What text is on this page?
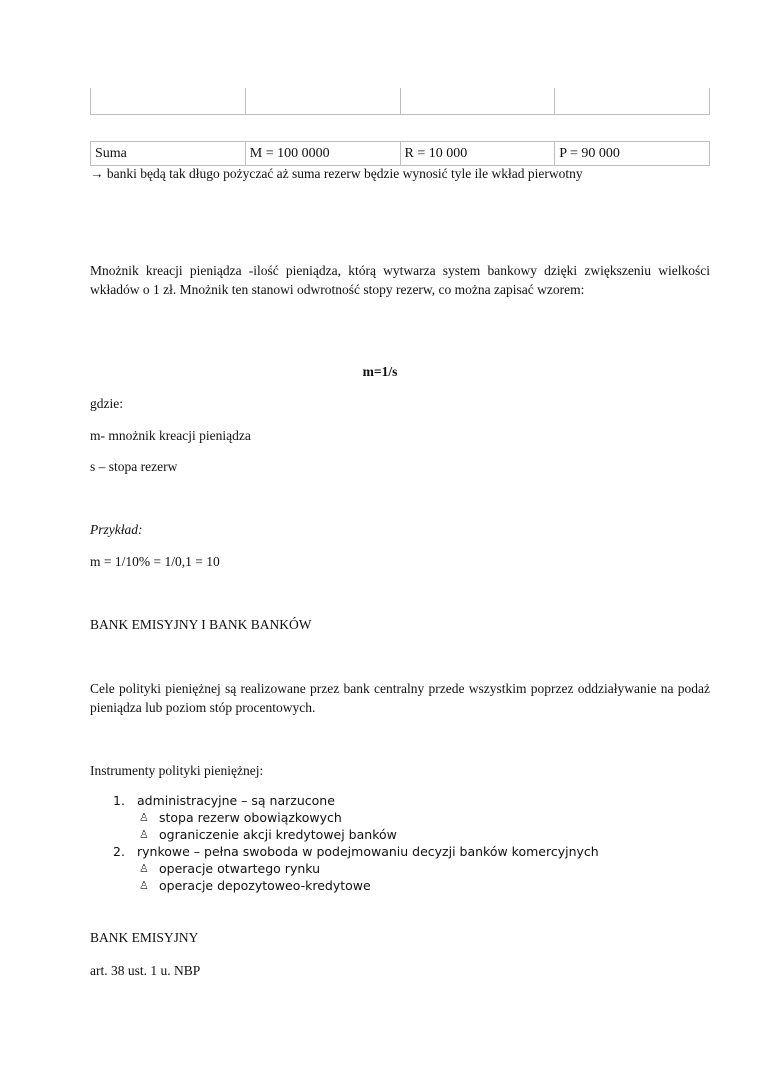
Suma	M = 100 0000	R = 10 000	P = 90 000
→ banki będą tak długo pożyczać aż suma rezerw będzie wynosić tyle ile wkład pierwotny
Mnożnik kreacji pieniądza -ilość pieniądza, którą wytwarza system bankowy dzięki zwiększeniu wielkości wkładów o 1 zł. Mnożnik ten stanowi odwrotność stopy rezerw, co można zapisać wzorem:
m=1/s
gdzie:
m- mnożnik kreacji pieniądza
s – stopa rezerw
Przykład:
m = 1/10% = 1/0,1 = 10
BANK EMISYJNY I BANK BANKÓW
Cele polityki pieniężnej są realizowane przez bank centralny przede wszystkim poprzez oddziaływanie na podaż pieniądza lub poziom stóp procentowych.
Instrumenty polityki pieniężnej:
1. administracyjne – są narzucone
♙ stopa rezerw obowiązkowych
♙ ograniczenie akcji kredytowej banków
2. rynkowe – pełna swoboda w podejmowaniu decyzji banków komercyjnych
♙ operacje otwartego rynku
♙ operacje depozytoweo-kredytowe
BANK EMISYJNY
art. 38 ust. 1 u. NBP
